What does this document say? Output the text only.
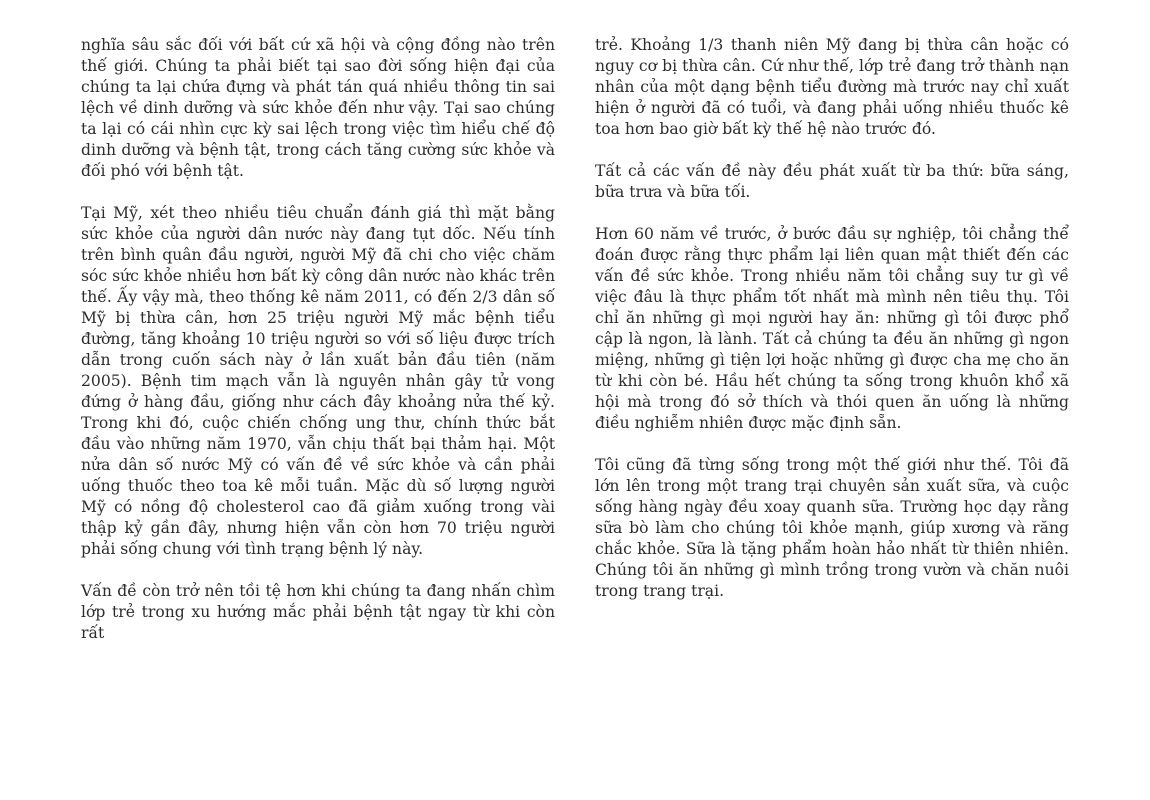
nghĩa sâu sắc đối với bất cứ xã hội và cộng đồng nào trên thế giới. Chúng ta phải biết tại sao đời sống hiện đại của chúng ta lại chứa đựng và phát tán quá nhiều thông tin sai lệch về dinh dưỡng và sức khỏe đến như vậy. Tại sao chúng ta lại có cái nhìn cực kỳ sai lệch trong việc tìm hiểu chế độ dinh dưỡng và bệnh tật, trong cách tăng cường sức khỏe và đối phó với bệnh tật.

Tại Mỹ, xét theo nhiều tiêu chuẩn đánh giá thì mặt bằng sức khỏe của người dân nước này đang tụt dốc. Nếu tính trên bình quân đầu người, người Mỹ đã chi cho việc chăm sóc sức khỏe nhiều hơn bất kỳ công dân nước nào khác trên thế. Ấy vậy mà, theo thống kê năm 2011, có đến 2/3 dân số Mỹ bị thừa cân, hơn 25 triệu người Mỹ mắc bệnh tiểu đường, tăng khoảng 10 triệu người so với số liệu được trích dẫn trong cuốn sách này ở lần xuất bản đầu tiên (năm 2005). Bệnh tim mạch vẫn là nguyên nhân gây tử vong đứng ở hàng đầu, giống như cách đây khoảng nửa thế kỷ. Trong khi đó, cuộc chiến chống ung thư, chính thức bắt đầu vào những năm 1970, vẫn chịu thất bại thảm hại. Một nửa dân số nước Mỹ có vấn đề về sức khỏe và cần phải uống thuốc theo toa kê mỗi tuần. Mặc dù số lượng người Mỹ có nồng độ cholesterol cao đã giảm xuống trong vài thập kỷ gần đây, nhưng hiện vẫn còn hơn 70 triệu người phải sống chung với tình trạng bệnh lý này.

Vấn đề còn trở nên tồi tệ hơn khi chúng ta đang nhấn chìm lớp trẻ trong xu hướng mắc phải bệnh tật ngay từ khi còn rất

trẻ. Khoảng 1/3 thanh niên Mỹ đang bị thừa cân hoặc có nguy cơ bị thừa cân. Cứ như thế, lớp trẻ đang trở thành nạn nhân của một dạng bệnh tiểu đường mà trước nay chỉ xuất hiện ở người đã có tuổi, và đang phải uống nhiều thuốc kê toa hơn bao giờ bất kỳ thế hệ nào trước đó.

Tất cả các vấn đề này đều phát xuất từ ba thứ: bữa sáng, bữa trưa và bữa tối.

Hơn 60 năm về trước, ở bước đầu sự nghiệp, tôi chẳng thể đoán được rằng thực phẩm lại liên quan mật thiết đến các vấn đề sức khỏe. Trong nhiều năm tôi chẳng suy tư gì về việc đâu là thực phẩm tốt nhất mà mình nên tiêu thụ. Tôi chỉ ăn những gì mọi người hay ăn: những gì tôi được phổ cập là ngon, là lành. Tất cả chúng ta đều ăn những gì ngon miệng, những gì tiện lợi hoặc những gì được cha mẹ cho ăn từ khi còn bé. Hầu hết chúng ta sống trong khuôn khổ xã hội mà trong đó sở thích và thói quen ăn uống là những điều nghiễm nhiên được mặc định sẵn.

Tôi cũng đã từng sống trong một thế giới như thế. Tôi đã lớn lên trong một trang trại chuyên sản xuất sữa, và cuộc sống hàng ngày đều xoay quanh sữa. Trường học dạy rằng sữa bò làm cho chúng tôi khỏe mạnh, giúp xương và răng chắc khỏe. Sữa là tặng phẩm hoàn hảo nhất từ thiên nhiên. Chúng tôi ăn những gì mình trồng trong vườn và chăn nuôi trong trang trại.
